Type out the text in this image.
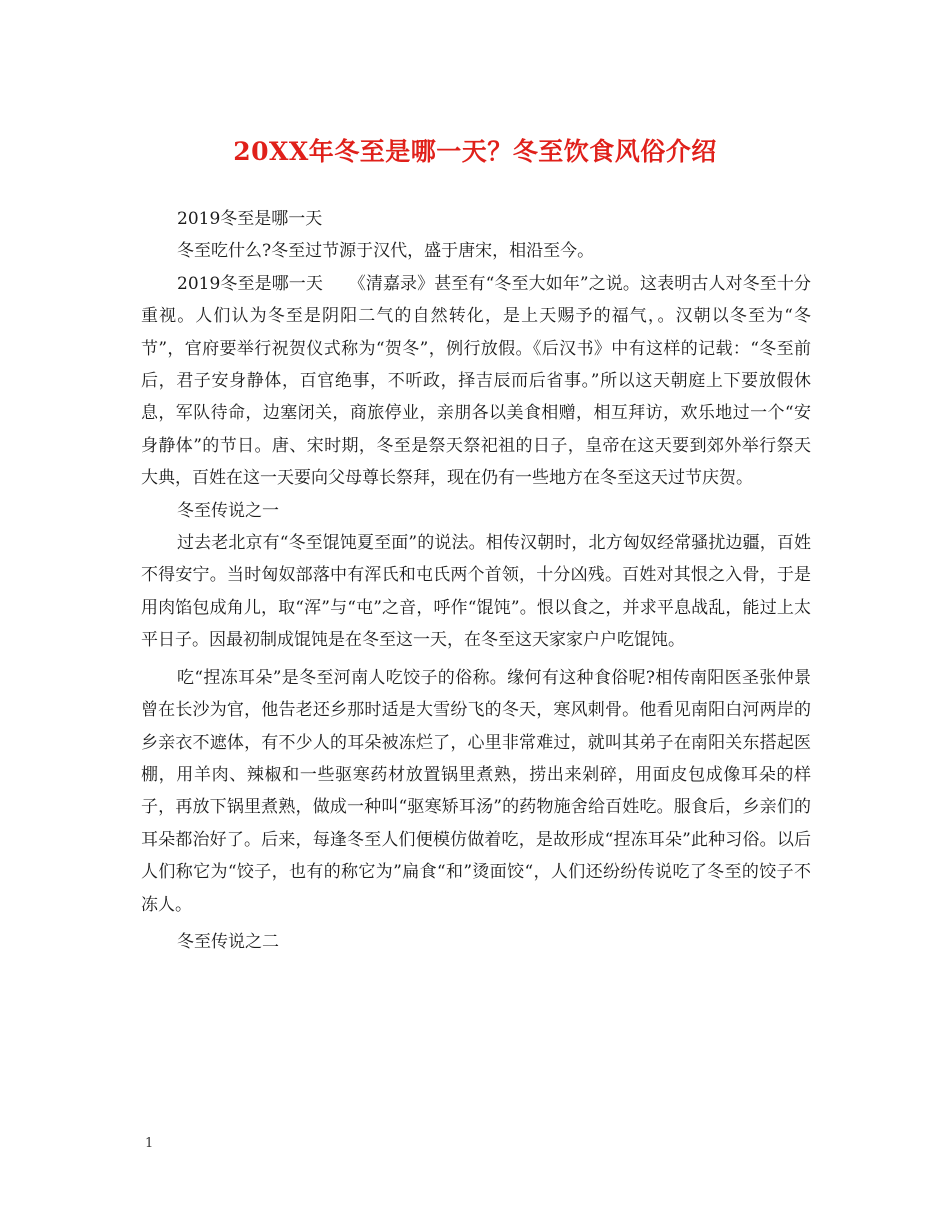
20XX年冬至是哪一天？冬至饮食风俗介绍

2019冬至是哪一天

冬至吃什么?冬至过节源于汉代，盛于唐宋，相沿至今。

2019冬至是哪一天　　《清嘉录》甚至有“冬至大如年”之说。这表明古人对冬至十分重视。人们认为冬至是阴阳二气的自然转化，是上天赐予的福气，。汉朝以冬至为“冬节”，官府要举行祝贺仪式称为“贺冬”，例行放假。《后汉书》中有这样的记载：“冬至前后，君子安身静体，百官绝事，不听政，择吉辰而后省事。”所以这天朝庭上下要放假休息，军队待命，边塞闭关，商旅停业，亲朋各以美食相赠，相互拜访，欢乐地过一个“安身静体”的节日。唐、宋时期，冬至是祭天祭祀祖的日子，皇帝在这天要到郊外举行祭天大典，百姓在这一天要向父母尊长祭拜，现在仍有一些地方在冬至这天过节庆贺。

冬至传说之一

过去老北京有“冬至馄饨夏至面”的说法。相传汉朝时，北方匈奴经常骚扰边疆，百姓不得安宁。当时匈奴部落中有浑氏和屯氏两个首领，十分凶残。百姓对其恨之入骨，于是用肉馅包成角儿，取“浑”与“屯”之音，呼作“馄饨”。恨以食之，并求平息战乱，能过上太平日子。因最初制成馄饨是在冬至这一天，在冬至这天家家户户吃馄饨。

吃“捏冻耳朵”是冬至河南人吃饺子的俗称。缘何有这种食俗呢?相传南阳医圣张仲景曾在长沙为官，他告老还乡那时适是大雪纷飞的冬天，寒风刺骨。他看见南阳白河两岸的乡亲衣不遮体，有不少人的耳朵被冻烂了，心里非常难过，就叫其弟子在南阳关东搭起医棚，用羊肉、辣椒和一些驱寒药材放置锅里煮熟，捞出来剁碎，用面皮包成像耳朵的样子，再放下锅里煮熟，做成一种叫“驱寒矫耳汤”的药物施舍给百姓吃。服食后，乡亲们的耳朵都治好了。后来，每逢冬至人们便模仿做着吃，是故形成“捏冻耳朵”此种习俗。以后人们称它为“饺子，也有的称它为”扁食“和”烫面饺“，人们还纷纷传说吃了冬至的饺子不冻人。

冬至传说之二

1
